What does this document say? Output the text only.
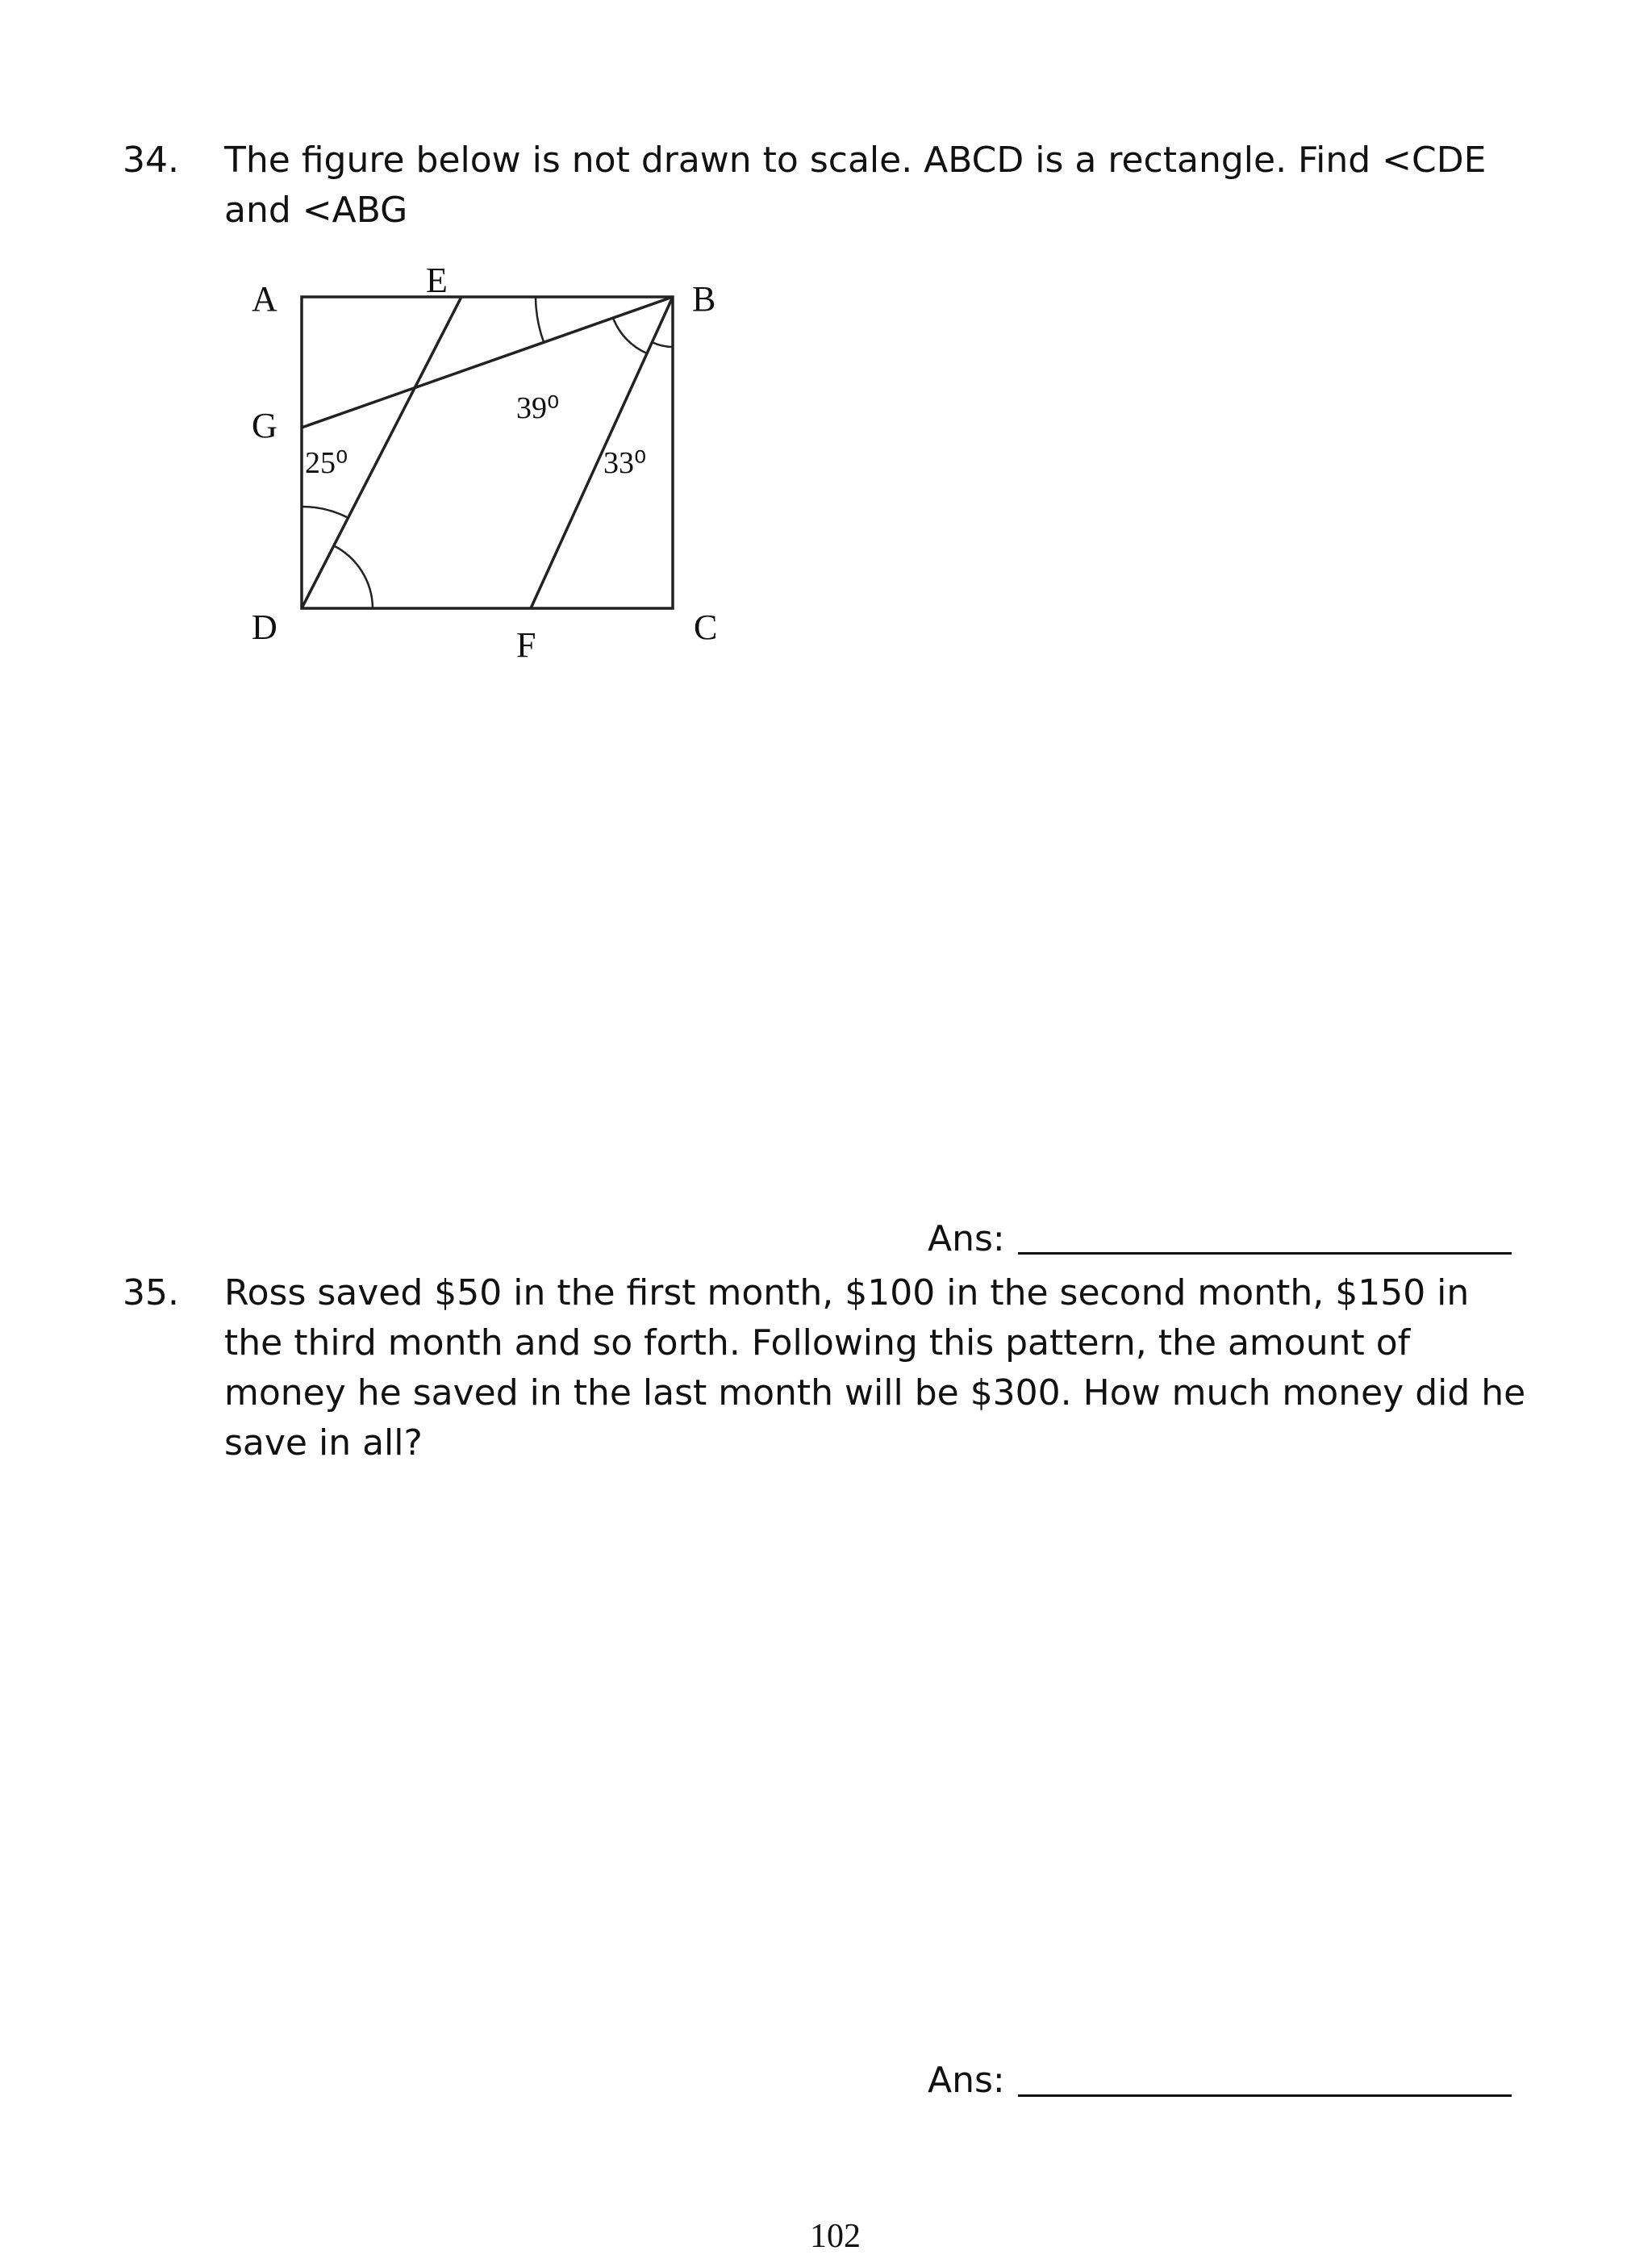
34. The figure below is not drawn to scale. ABCD is a rectangle. Find <CDE
and <ABG
A	B
C
D
E
F
G
25⁰
39⁰
33⁰
Ans:
35. Ross saved $50 in the first month, $100 in the second month, $150 in
the third month and so forth. Following this pattern, the amount of
money he saved in the last month will be $300. How much money did he
save in all?
Ans:
102
